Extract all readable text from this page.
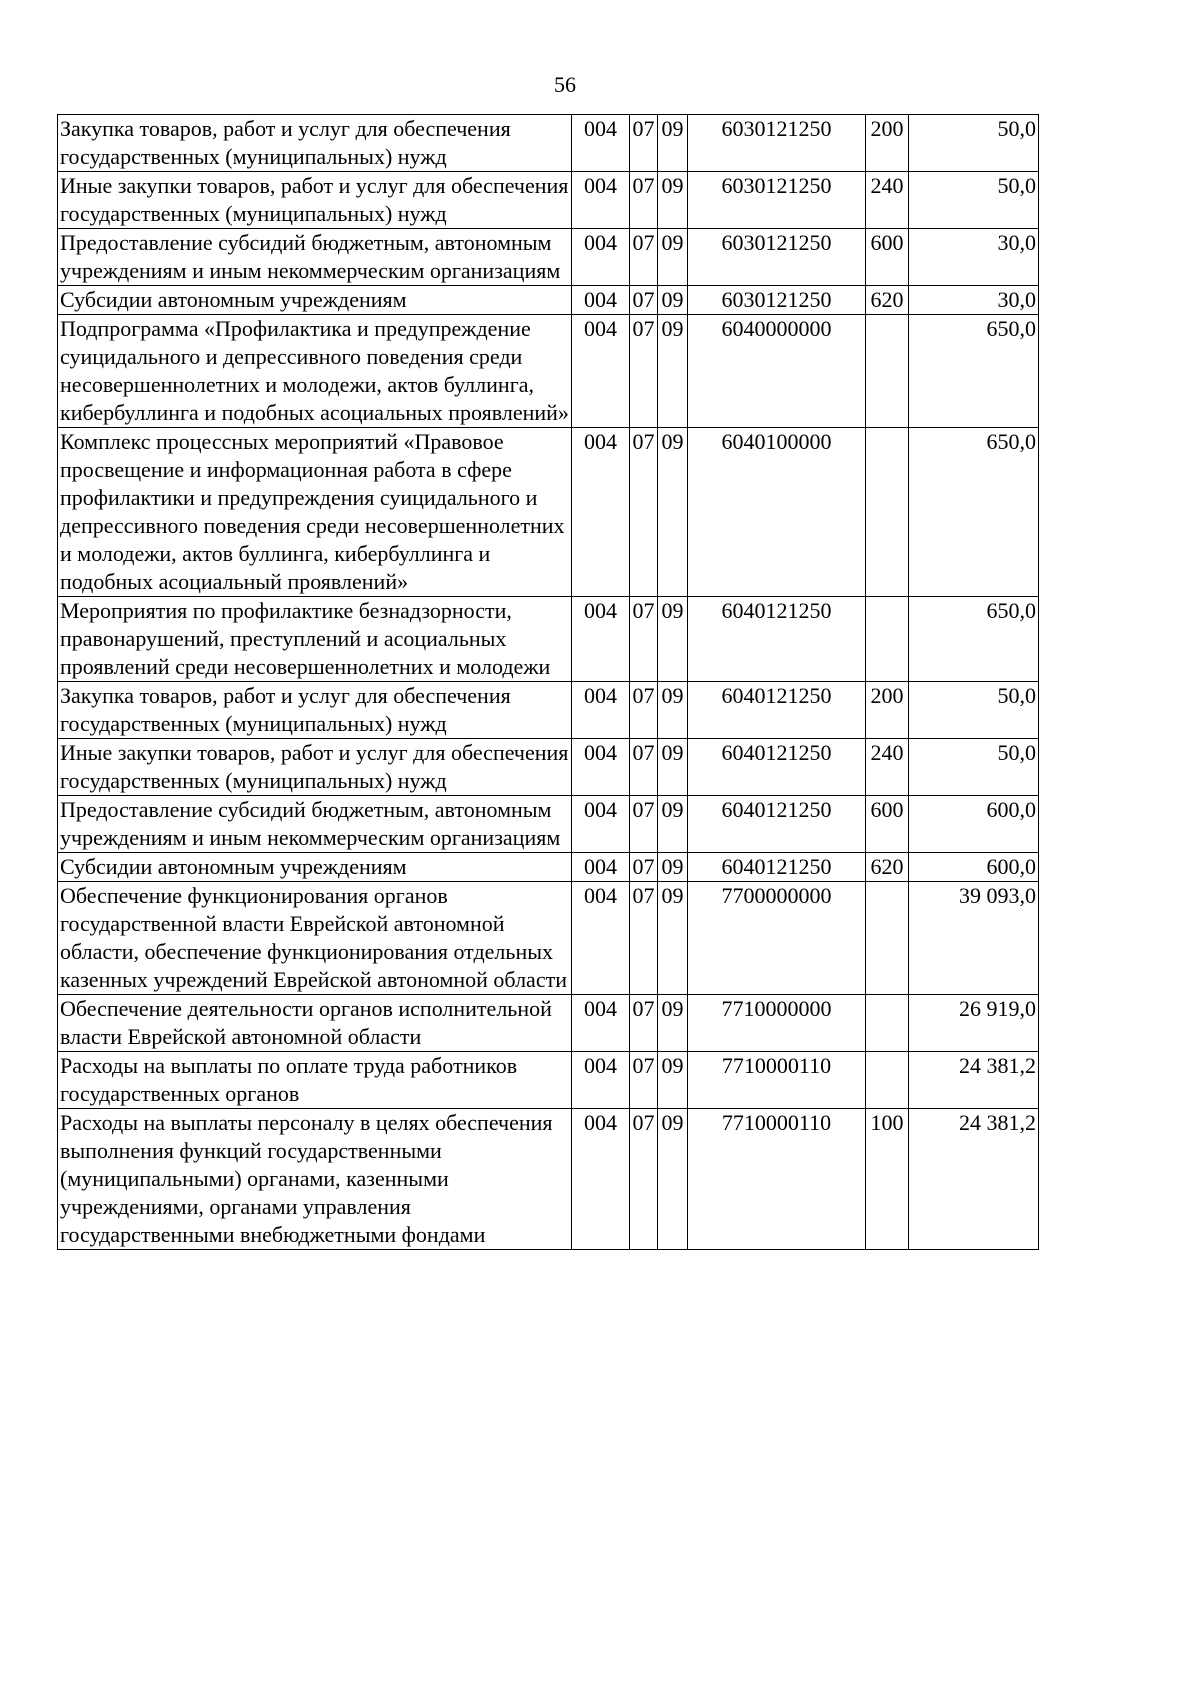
56
Закупка товаров, работ и услуг для обеспечения государственных (муниципальных) нужд	004	07	09	6030121250	200	50,0
Иные закупки товаров, работ и услуг для обеспечения государственных (муниципальных) нужд	004	07	09	6030121250	240	50,0
Предоставление субсидий бюджетным, автономным учреждениям и иным некоммерческим организациям	004	07	09	6030121250	600	30,0
Субсидии автономным учреждениям	004	07	09	6030121250	620	30,0
Подпрограмма «Профилактика и предупреждение суицидального и депрессивного поведения среди несовершеннолетних и молодежи, актов буллинга, кибербуллинга и подобных асоциальных проявлений»	004	07	09	6040000000		650,0
Комплекс процессных мероприятий «Правовое просвещение и информационная работа в сфере профилактики и предупреждения суицидального и депрессивного поведения среди несовершеннолетних и молодежи, актов буллинга, кибербуллинга и подобных асоциальный проявлений»	004	07	09	6040100000		650,0
Мероприятия по профилактике безнадзорности, правонарушений, преступлений и асоциальных проявлений среди несовершеннолетних и молодежи	004	07	09	6040121250		650,0
Закупка товаров, работ и услуг для обеспечения государственных (муниципальных) нужд	004	07	09	6040121250	200	50,0
Иные закупки товаров, работ и услуг для обеспечения государственных (муниципальных) нужд	004	07	09	6040121250	240	50,0
Предоставление субсидий бюджетным, автономным учреждениям и иным некоммерческим организациям	004	07	09	6040121250	600	600,0
Субсидии автономным учреждениям	004	07	09	6040121250	620	600,0
Обеспечение функционирования органов государственной власти Еврейской автономной области, обеспечение функционирования отдельных казенных учреждений Еврейской автономной области	004	07	09	7700000000		39 093,0
Обеспечение деятельности органов исполнительной власти Еврейской автономной области	004	07	09	7710000000		26 919,0
Расходы на выплаты по оплате труда работников государственных органов	004	07	09	7710000110		24 381,2
Расходы на выплаты персоналу в целях обеспечения выполнения функций государственными (муниципальными) органами, казенными учреждениями, органами управления государственными внебюджетными фондами	004	07	09	7710000110	100	24 381,2
